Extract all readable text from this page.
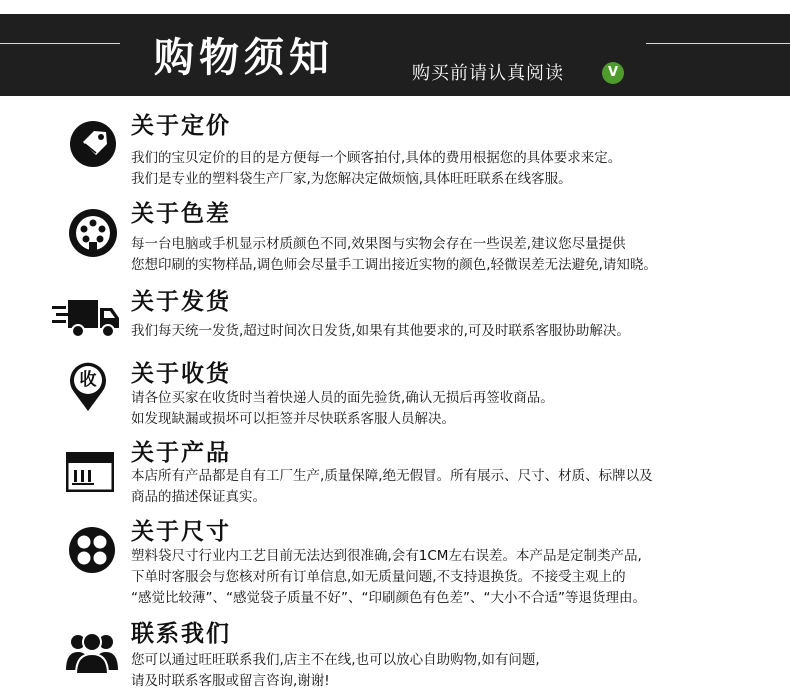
购物须知	购买前请认真阅读	V
关于定价
我们的宝贝定价的目的是方便每一个顾客拍付,具体的费用根据您的具体要求来定。
我们是专业的塑料袋生产厂家,为您解决定做烦恼,具体旺旺联系在线客服。
关于色差
每一台电脑或手机显示材质颜色不同,效果图与实物会存在一些误差,建议您尽量提供
您想印刷的实物样品,调色师会尽量手工调出接近实物的颜色,轻微误差无法避免,请知晓。
关于发货
我们每天统一发货,超过时间次日发货,如果有其他要求的,可及时联系客服协助解决。
收 关于收货
请各位买家在收货时当着快递人员的面先验货,确认无损后再签收商品。
如发现缺漏或损坏可以拒签并尽快联系客服人员解决。
关于产品
本店所有产品都是自有工厂生产,质量保障,绝无假冒。所有展示、尺寸、材质、标牌以及
商品的描述保证真实。
关于尺寸
塑料袋尺寸行业内工艺目前无法达到很准确,会有1CM左右误差。本产品是定制类产品,
下单时客服会与您核对所有订单信息,如无质量问题,不支持退换货。不接受主观上的
“感觉比较薄”、“感觉袋子质量不好”、“印刷颜色有色差”、“大小不合适”等退货理由。
联系我们
您可以通过旺旺联系我们,店主不在线,也可以放心自助购物,如有问题,
请及时联系客服或留言咨询,谢谢!
